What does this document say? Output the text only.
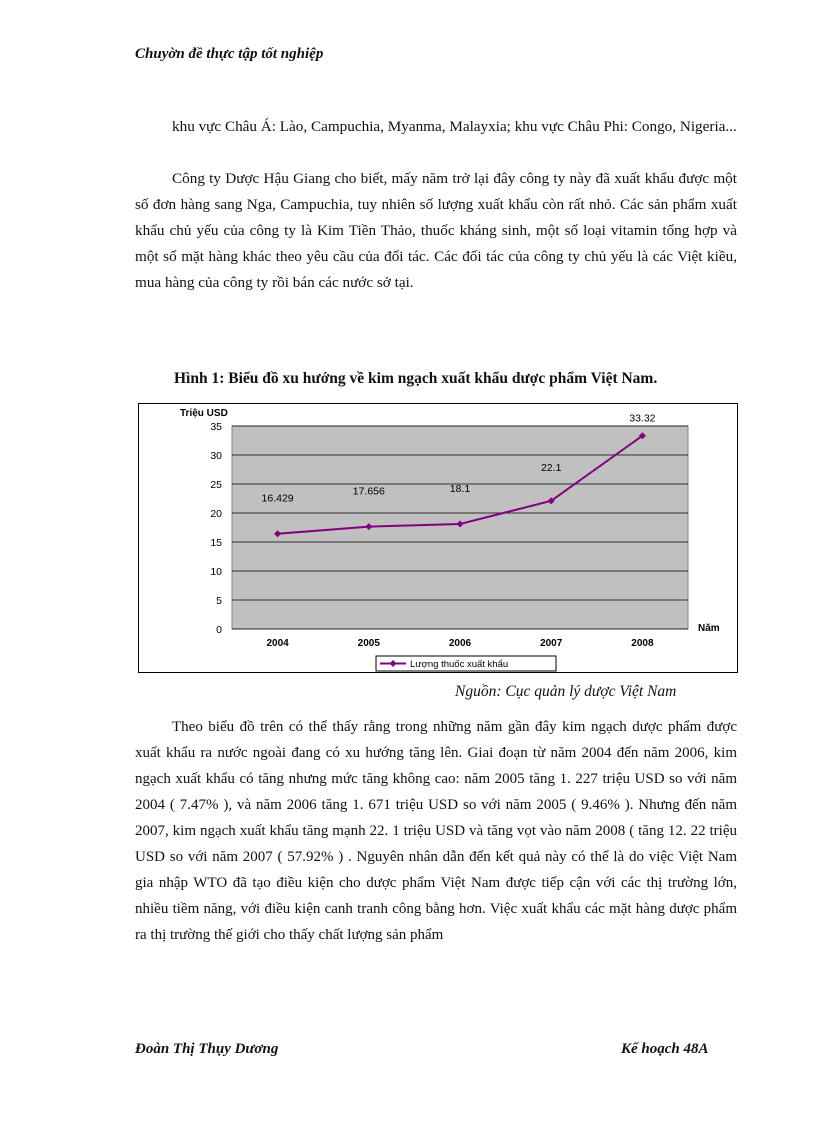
Chuyờn đề thực tập tốt nghiệp

khu vực Châu Á: Lào, Campuchia, Myanma, Malayxia; khu vực Châu Phi: Congo, Nigeria...

Công ty Dược Hậu Giang cho biết, mấy năm trở lại đây công ty này đã xuất khẩu được một số đơn hàng sang Nga, Campuchia, tuy nhiên số lượng xuất khẩu còn rất nhỏ. Các sản phẩm xuất khẩu chủ yếu của công ty là Kim Tiền Thảo, thuốc kháng sinh, một số loại vitamin tổng hợp và một số mặt hàng khác theo yêu cầu của đối tác. Các đối tác của công ty chủ yếu là các Việt kiều, mua hàng của công ty rồi bán các nước sở tại.

Hình 1: Biểu đồ xu hướng về kim ngạch xuất khẩu dược phẩm Việt Nam.
0
5
10
15
20
25
30
35
2004	2005	2006	2007	2008
16.429
17.656	18.1
22.1
33.32
Triệu USD
Năm
Lượng thuốc xuất khẩu
Nguồn: Cục quản lý dược Việt Nam

Theo biểu đồ trên có thể thấy rằng trong những năm gần đây kim ngạch dược phẩm được xuất khẩu ra nước ngoài đang có xu hướng tăng lên. Giai đoạn từ năm 2004 đến năm 2006, kim ngạch xuất khẩu có tăng nhưng mức tăng không cao: năm 2005 tăng 1. 227 triệu USD so với năm 2004 ( 7.47% ), và năm 2006 tăng 1. 671 triệu USD so với năm 2005 ( 9.46% ). Nhưng đến năm 2007, kim ngạch xuất khẩu tăng mạnh 22. 1 triệu USD và tăng vọt vào năm 2008 ( tăng 12. 22 triệu USD so với năm 2007 ( 57.92% ) . Nguyên nhân dẫn đến kết quả này có thể là do việc Việt Nam gia nhập WTO đã tạo điều kiện cho dược phẩm Việt Nam được tiếp cận với các thị trường lớn, nhiều tiềm năng, với điều kiện canh tranh công bằng hơn. Việc xuất khẩu các mặt hàng dược phẩm ra thị trường thế giới cho thấy chất lượng sản phẩm

Đoàn Thị Thụy Dương	Kế hoạch 48A
